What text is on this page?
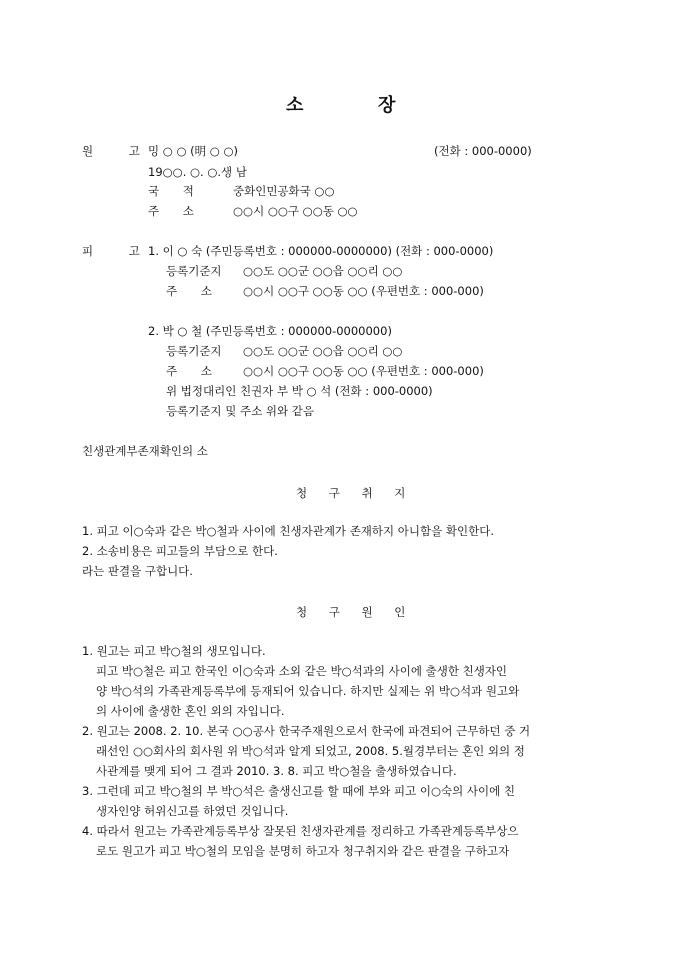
소	장
원 고
밍 ○ ○ (明 ○ ○)	(전화 : 000-0000)
19○○. ○. ○.생 남
국 적	중화인민공화국 ○○
주 소	○○시 ○○구 ○○동 ○○
피 고
1. 이 ○ 숙 (주민등록번호 : 000000-0000000) (전화 : 000-0000)
등록기준지 ○○도 ○○군 ○○읍 ○○리 ○○
주 소 ○○시 ○○구 ○○동 ○○ (우편번호 : 000-000)
2. 박 ○ 철 (주민등록번호 : 000000-0000000)
등록기준지 ○○도 ○○군 ○○읍 ○○리 ○○
주 소 ○○시 ○○구 ○○동 ○○ (우편번호 : 000-000)
위 법정대리인 친권자 부 박 ○ 석 (전화 : 000-0000)
등록기준지 및 주소 위와 같음
친생관계부존재확인의 소
청 구 취 지
1. 피고 이○숙과 같은 박○철과 사이에 친생자관계가 존재하지 아니함을 확인한다.
2. 소송비용은 피고들의 부담으로 한다.
라는 판결을 구합니다.
청 구 원 인
1. 원고는 피고 박○철의 생모입니다.
피고 박○철은 피고 한국인 이○숙과 소외 같은 박○석과의 사이에 출생한 친생자인
양 박○석의 가족관계등록부에 등재되어 있습니다. 하지만 실제는 위 박○석과 원고와
의 사이에 출생한 혼인 외의 자입니다.
2. 원고는 2008. 2. 10. 본국 ○○공사 한국주재원으로서 한국에 파견되어 근무하던 중 거
래선인 ○○회사의 회사원 위 박○석과 알게 되었고, 2008. 5.월경부터는 혼인 외의 정
사관계를 맺게 되어 그 결과 2010. 3. 8. 피고 박○철을 출생하였습니다.
3. 그런데 피고 박○철의 부 박○석은 출생신고를 할 때에 부와 피고 이○숙의 사이에 친
생자인양 허위신고를 하였던 것입니다.
4. 따라서 원고는 가족관계등록부상 잘못된 친생자관계를 정리하고 가족관계등록부상으
로도 원고가 피고 박○철의 모임을 분명히 하고자 청구취지와 같은 판결을 구하고자
